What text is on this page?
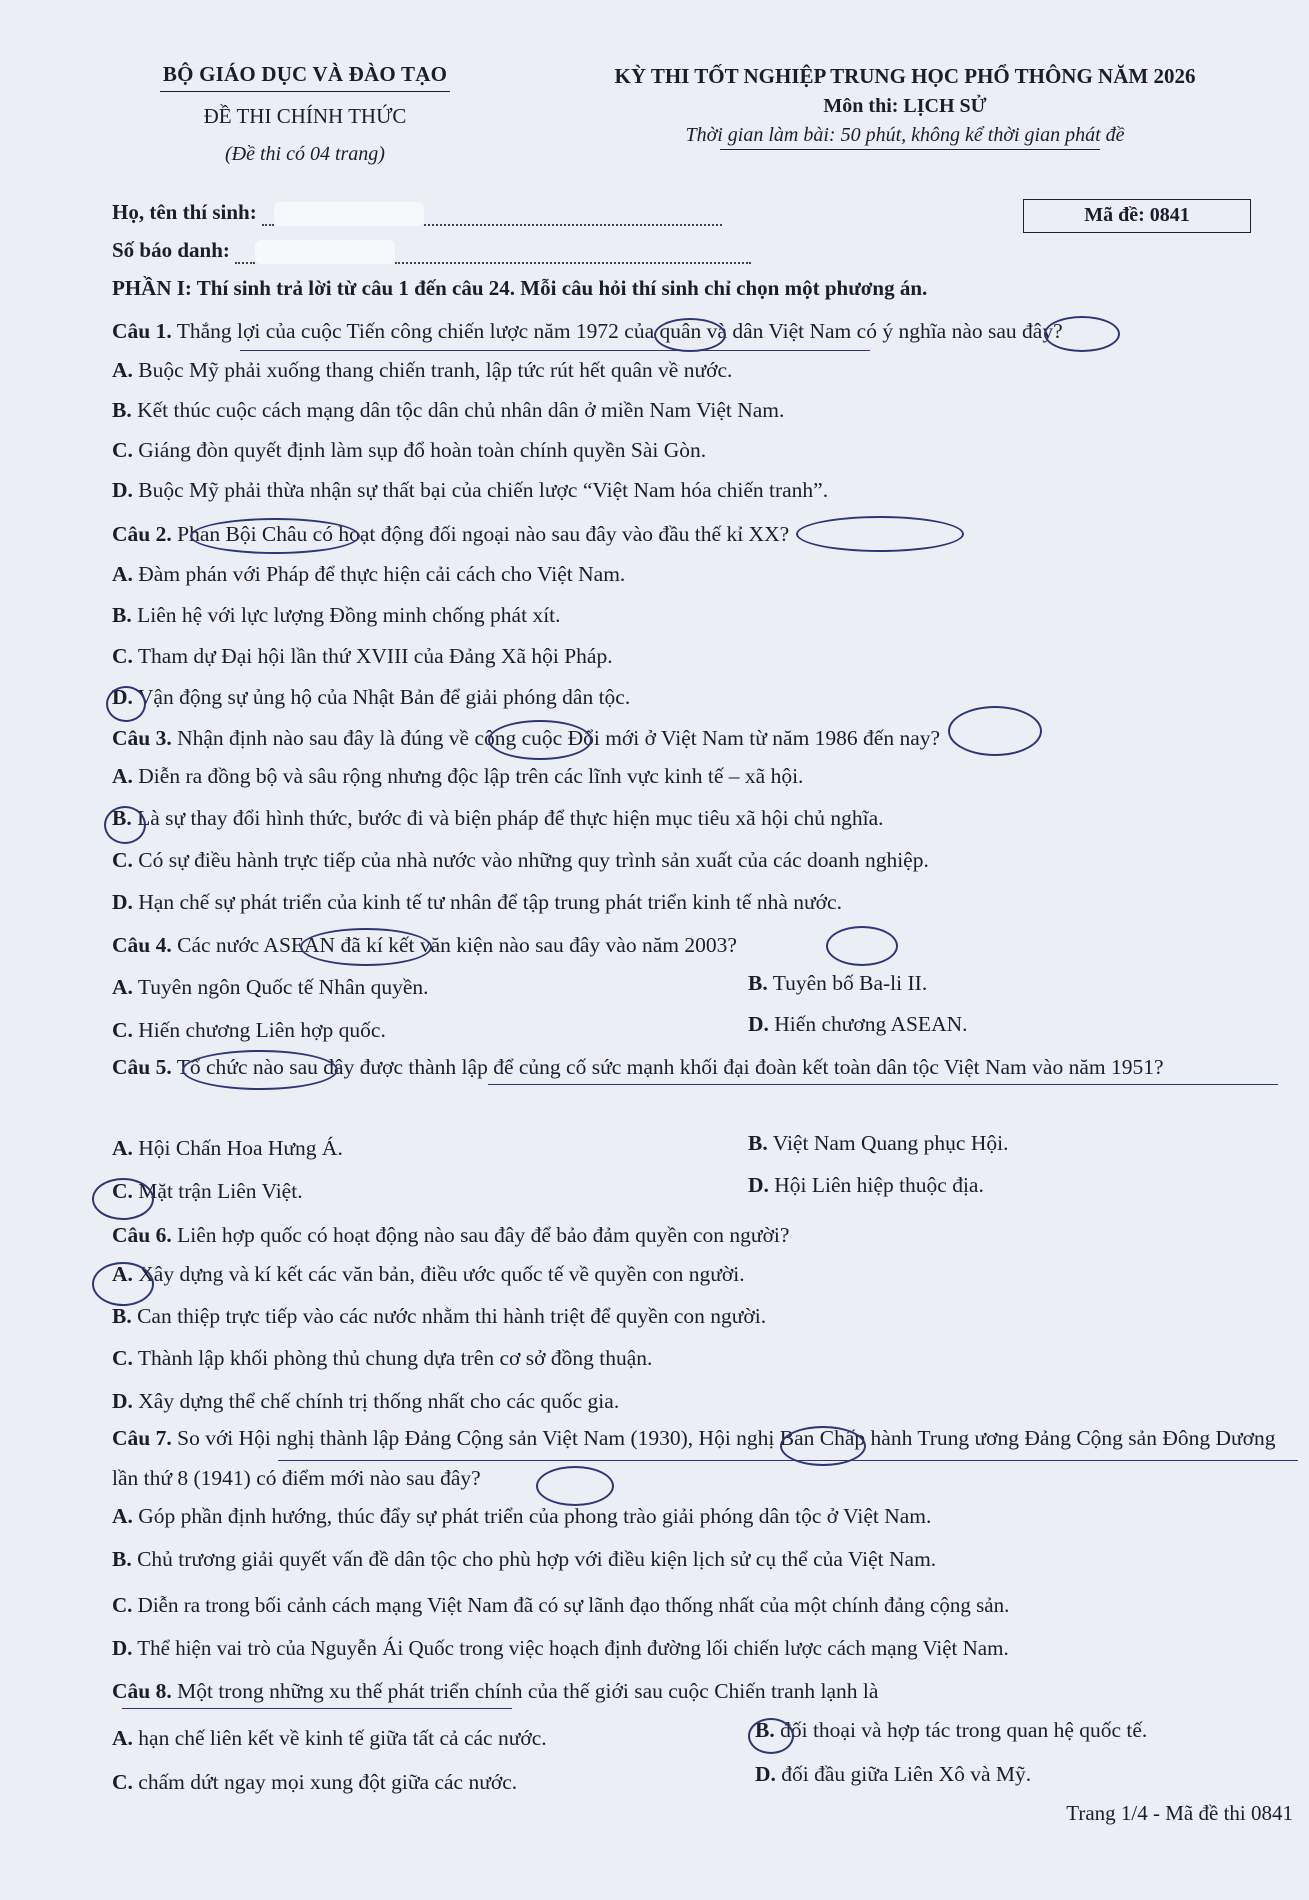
BỘ GIÁO DỤC VÀ ĐÀO TẠO
ĐỀ THI CHÍNH THỨC
(Đề thi có 04 trang)
KỲ THI TỐT NGHIỆP TRUNG HỌC PHỔ THÔNG NĂM 2026
Môn thi: LỊCH SỬ
Thời gian làm bài: 50 phút, không kể thời gian phát đề
Họ, tên thí sinh:
Số báo danh:
Mã đề: 0841
PHẦN I: Thí sinh trả lời từ câu 1 đến câu 24. Mỗi câu hỏi thí sinh chỉ chọn một phương án.
Câu 1. Thắng lợi của cuộc Tiến công chiến lược năm 1972 của quân và dân Việt Nam có ý nghĩa nào sau đây?
A. Buộc Mỹ phải xuống thang chiến tranh, lập tức rút hết quân về nước.
B. Kết thúc cuộc cách mạng dân tộc dân chủ nhân dân ở miền Nam Việt Nam.
C. Giáng đòn quyết định làm sụp đổ hoàn toàn chính quyền Sài Gòn.
D. Buộc Mỹ phải thừa nhận sự thất bại của chiến lược “Việt Nam hóa chiến tranh”.
Câu 2. Phan Bội Châu có hoạt động đối ngoại nào sau đây vào đầu thế kỉ XX?
A. Đàm phán với Pháp để thực hiện cải cách cho Việt Nam.
B. Liên hệ với lực lượng Đồng minh chống phát xít.
C. Tham dự Đại hội lần thứ XVIII của Đảng Xã hội Pháp.
D. Vận động sự ủng hộ của Nhật Bản để giải phóng dân tộc.
Câu 3. Nhận định nào sau đây là đúng về công cuộc Đổi mới ở Việt Nam từ năm 1986 đến nay?
A. Diễn ra đồng bộ và sâu rộng nhưng độc lập trên các lĩnh vực kinh tế – xã hội.
B. Là sự thay đổi hình thức, bước đi và biện pháp để thực hiện mục tiêu xã hội chủ nghĩa.
C. Có sự điều hành trực tiếp của nhà nước vào những quy trình sản xuất của các doanh nghiệp.
D. Hạn chế sự phát triển của kinh tế tư nhân để tập trung phát triển kinh tế nhà nước.
Câu 4. Các nước ASEAN đã kí kết văn kiện nào sau đây vào năm 2003?
A. Tuyên ngôn Quốc tế Nhân quyền.	B. Tuyên bố Ba-li II.
C. Hiến chương Liên hợp quốc.	D. Hiến chương ASEAN.
Câu 5. Tổ chức nào sau đây được thành lập để củng cố sức mạnh khối đại đoàn kết toàn dân tộc Việt Nam vào năm 1951?
A. Hội Chấn Hoa Hưng Á.	B. Việt Nam Quang phục Hội.
C. Mặt trận Liên Việt.	D. Hội Liên hiệp thuộc địa.
Câu 6. Liên hợp quốc có hoạt động nào sau đây để bảo đảm quyền con người?
A. Xây dựng và kí kết các văn bản, điều ước quốc tế về quyền con người.
B. Can thiệp trực tiếp vào các nước nhằm thi hành triệt để quyền con người.
C. Thành lập khối phòng thủ chung dựa trên cơ sở đồng thuận.
D. Xây dựng thể chế chính trị thống nhất cho các quốc gia.
Câu 7. So với Hội nghị thành lập Đảng Cộng sản Việt Nam (1930), Hội nghị Ban Chấp hành Trung ương Đảng Cộng sản Đông Dương lần thứ 8 (1941) có điểm mới nào sau đây?
A. Góp phần định hướng, thúc đẩy sự phát triển của phong trào giải phóng dân tộc ở Việt Nam.
B. Chủ trương giải quyết vấn đề dân tộc cho phù hợp với điều kiện lịch sử cụ thể của Việt Nam.
C. Diễn ra trong bối cảnh cách mạng Việt Nam đã có sự lãnh đạo thống nhất của một chính đảng cộng sản.
D. Thể hiện vai trò của Nguyễn Ái Quốc trong việc hoạch định đường lối chiến lược cách mạng Việt Nam.
Câu 8. Một trong những xu thế phát triển chính của thế giới sau cuộc Chiến tranh lạnh là
A. hạn chế liên kết về kinh tế giữa tất cả các nước.	B. đối thoại và hợp tác trong quan hệ quốc tế.
C. chấm dứt ngay mọi xung đột giữa các nước.	D. đối đầu giữa Liên Xô và Mỹ.
Trang 1/4 - Mã đề thi 0841
